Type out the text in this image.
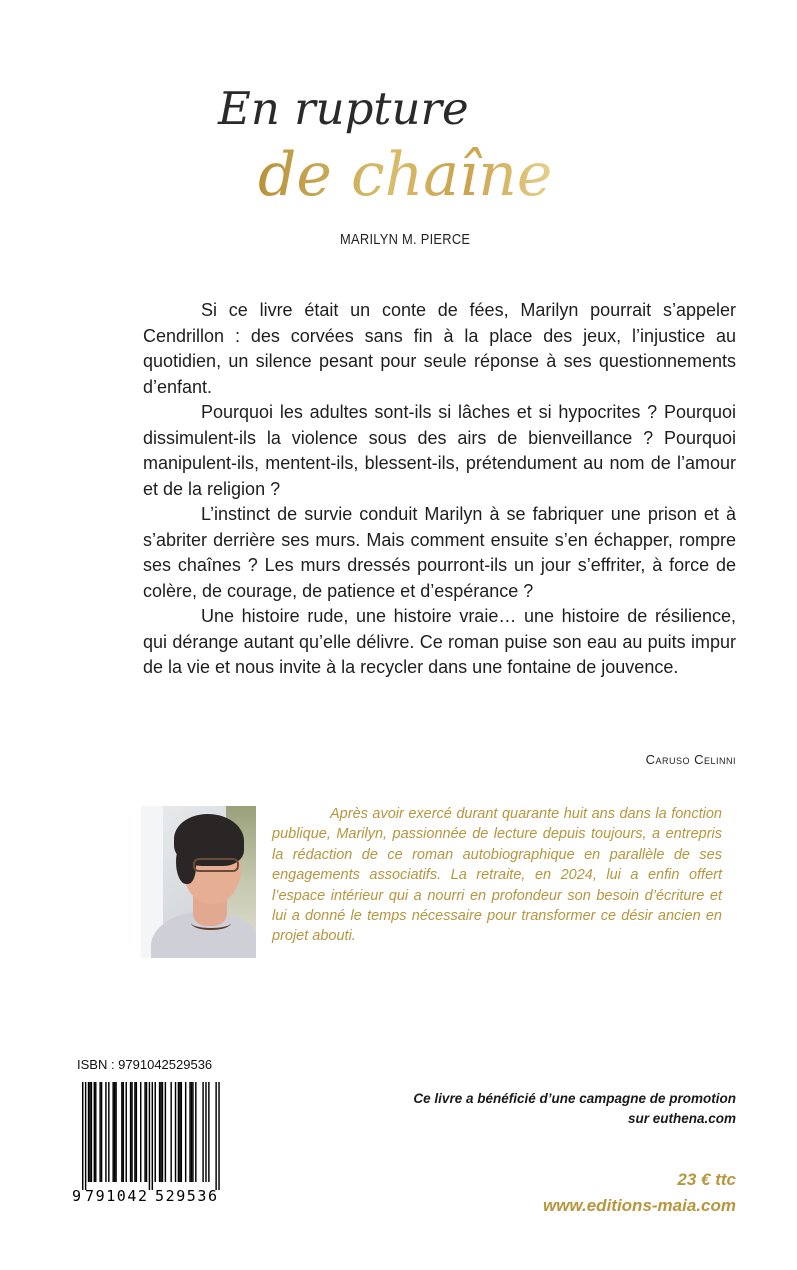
En rupture
de chaîne
MARILYN M. PIERCE

Si ce livre était un conte de fées, Marilyn pourrait s’appeler Cendrillon : des corvées sans fin à la place des jeux, l’injustice au quotidien, un silence pesant pour seule réponse à ses questionnements d’enfant.

Pourquoi les adultes sont-ils si lâches et si hypocrites ? Pourquoi dissimulent-ils la violence sous des airs de bienveillance ? Pourquoi manipulent-ils, mentent-ils, blessent-ils, prétendument au nom de l’amour et de la religion ?

L’instinct de survie conduit Marilyn à se fabriquer une prison et à s’abriter derrière ses murs. Mais comment ensuite s’en échapper, rompre ses chaînes ? Les murs dressés pourront-ils un jour s’effriter, à force de colère, de courage, de patience et d’espérance ?

Une histoire rude, une histoire vraie… une histoire de résilience, qui dérange autant qu’elle délivre. Ce roman puise son eau au puits impur de la vie et nous invite à la recycler dans une fontaine de jouvence.

Caruso Celinni

Après avoir exercé durant quarante huit ans dans la fonction publique, Marilyn, passionnée de lecture depuis toujours, a entrepris la rédaction de ce roman autobiographique en parallèle de ses engagements associatifs. La retraite, en 2024, lui a enfin offert l’espace intérieur qui a nourri en profondeur son besoin d’écriture et lui a donné le temps nécessaire pour transformer ce désir ancien en projet abouti.

ISBN : 9791042529536
9 791042 529536
Ce livre a bénéficié d’une campagne de promotion
sur euthena.com
23 € ttc
www.editions-maia.com
